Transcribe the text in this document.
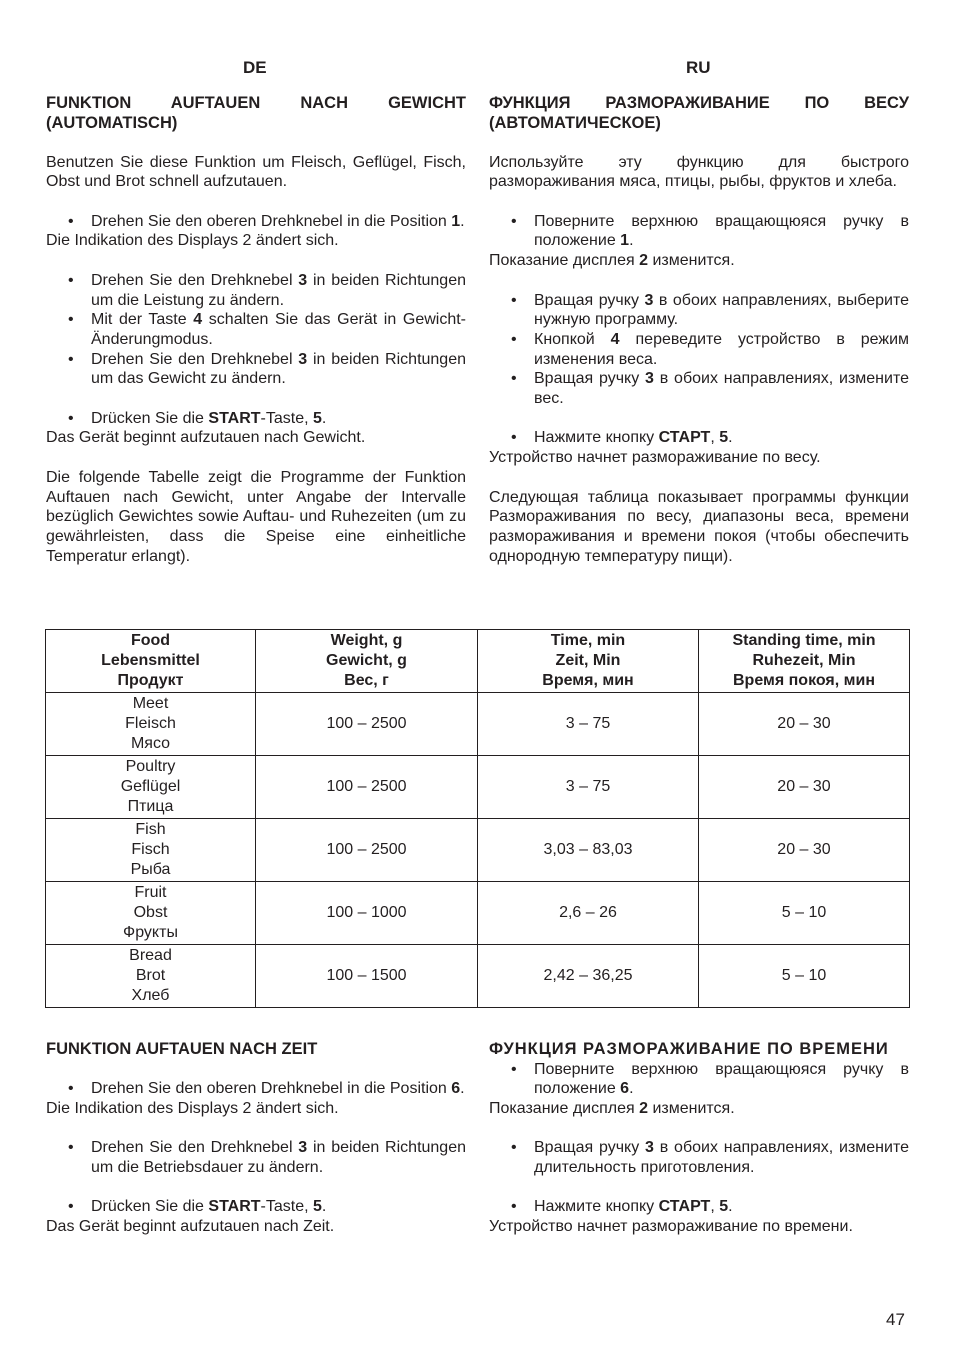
DE	RU
FUNKTION AUFTAUEN NACH GEWICHT (AUTOMATISCH)

Benutzen Sie diese Funktion um Fleisch, Geflügel, Fisch, Obst und Brot schnell aufzutauen.

• Drehen Sie den oberen Drehknebel in die Position 1.

Die Indikation des Displays 2 ändert sich.

• Drehen Sie den Drehknebel 3 in beiden Richtungen um die Leistung zu ändern.
• Mit der Taste 4 schalten Sie das Gerät in Gewicht-Änderungmodus.
• Drehen Sie den Drehknebel 3 in beiden Richtungen um das Gewicht zu ändern.
• Drücken Sie die START-Taste, 5.

Das Gerät beginnt aufzutauen nach Gewicht.

Die folgende Tabelle zeigt die Programme der Funktion Auftauen nach Gewicht, unter Angabe der Intervalle bezüglich Gewichtes sowie Auftau- und Ruhezeiten (um zu gewährleisten, dass die Speise eine einheitliche Temperatur erlangt).

ФУНКЦИЯ РАЗМОРАЖИВАНИЕ ПО ВЕСУ (АВТОМАТИЧЕСКОЕ)

Используйте эту функцию для быстрого размораживания мяса, птицы, рыбы, фруктов и хлеба.

• Поверните верхнюю вращающюяся ручку в положение 1.

Показание дисплея 2 изменится.

• Вращая ручку 3 в обоих направлениях, выберите нужную программу.
• Кнопкой 4 переведите устройство в режим изменения веса.
• Вращая ручку 3 в обоих направлениях, измените вес.
• Нажмите кнопку СТАРТ, 5.

Устройство начнет размораживание по весу.

Следующая таблица показывает программы функции Размораживания по весу, диапазоны веса, времени размораживания и времени покоя (чтобы обеспечить однородную температуру пищи).

Food
Lebensmittel
Продукт	Weight, g
Gewicht, g
Вес, г	Time, min
Zeit, Min
Время, мин	Standing time, min
Ruhezeit, Min
Время покоя, мин
Meet
Fleisch
Мясо	100 – 2500	3 – 75	20 – 30
Poultry
Geflügel
Птица	100 – 2500	3 – 75	20 – 30
Fish
Fisch
Рыба	100 – 2500	3,03 – 83,03	20 – 30
Fruit
Obst
Фрукты	100 – 1000	2,6 – 26	5 – 10
Bread
Brot
Хлеб	100 – 1500	2,42 – 36,25	5 – 10
FUNKTION AUFTAUEN NACH ZEIT
• Drehen Sie den oberen Drehknebel in die Position 6.

Die Indikation des Displays 2 ändert sich.

• Drehen Sie den Drehknebel 3 in beiden Richtungen um die Betriebsdauer zu ändern.
• Drücken Sie die START-Taste, 5.

Das Gerät beginnt aufzutauen nach Zeit.

ФУНКЦИЯ РАЗМОРАЖИВАНИЕ ПО ВРЕМЕНИ
• Поверните верхнюю вращающюяся ручку в положение 6.

Показание дисплея 2 изменится.

• Вращая ручку 3 в обоих направлениях, измените длительность приготовления.
• Нажмите кнопку СТАРТ, 5.

Устройство начнет размораживание по времени.

47
